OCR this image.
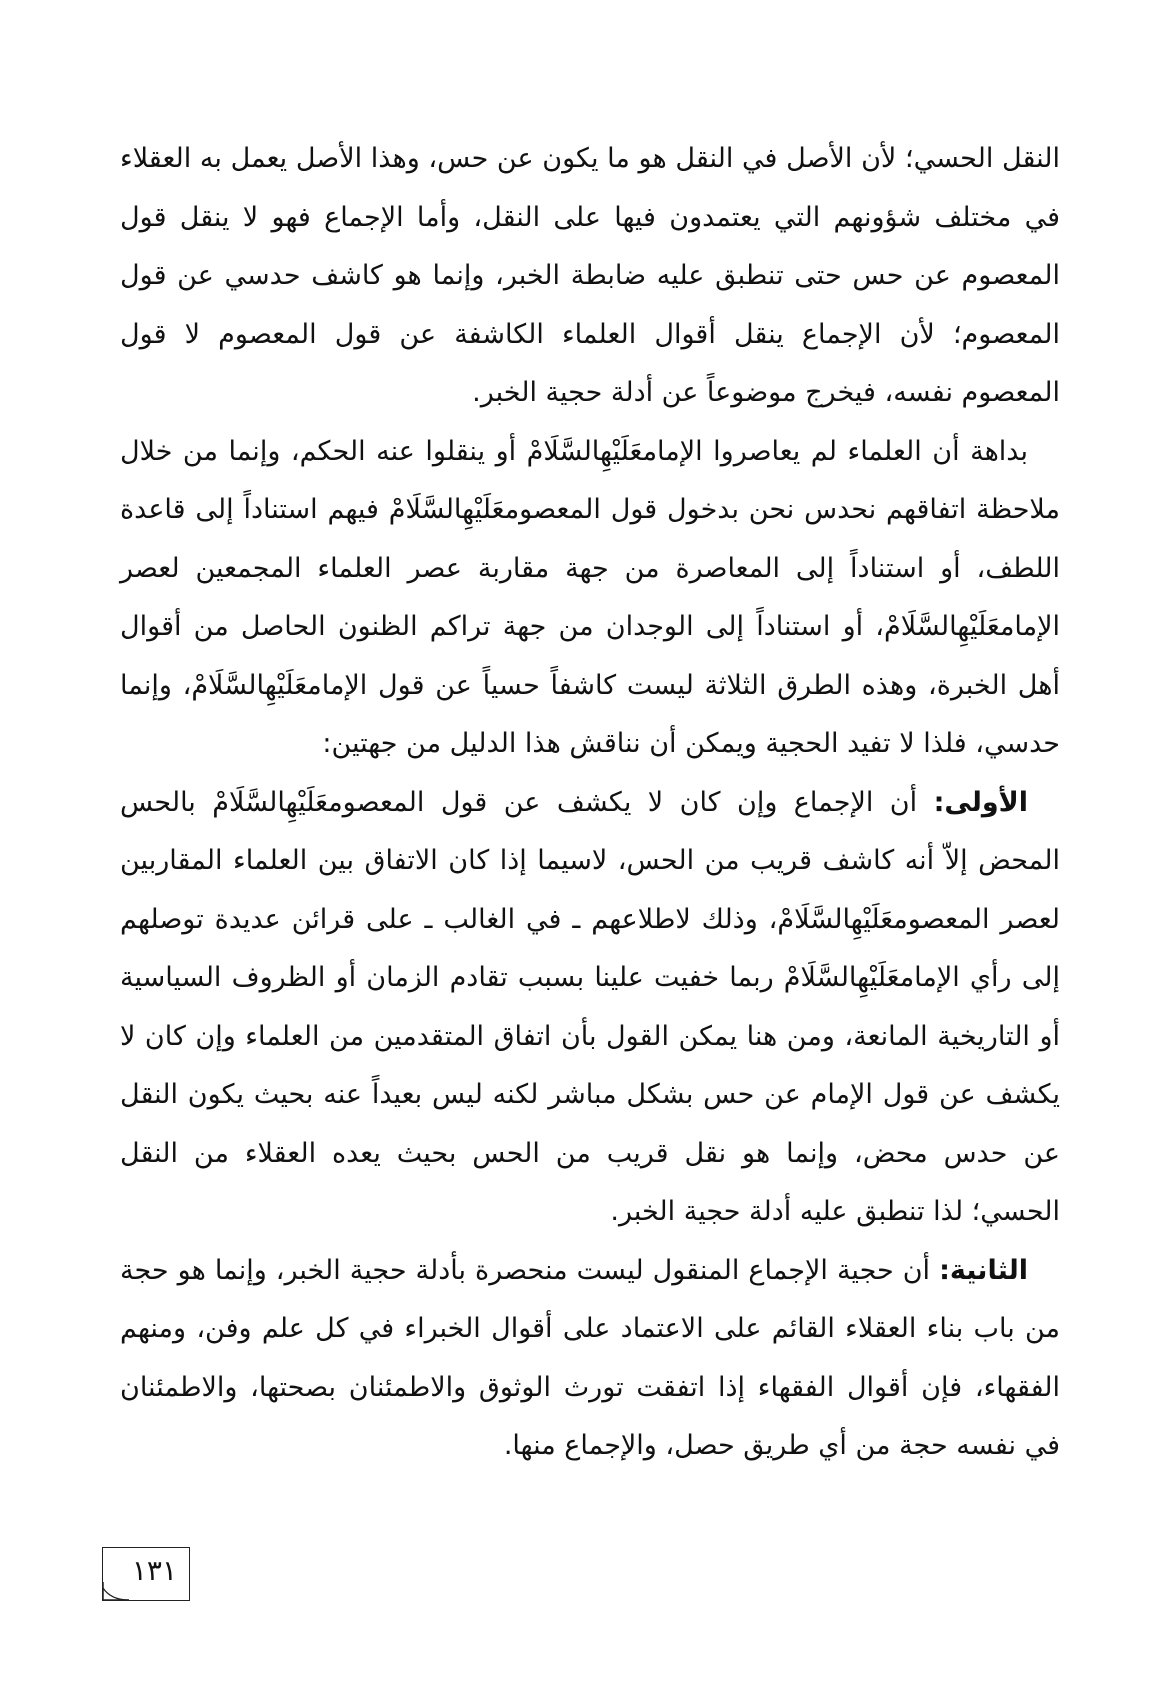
النقل الحسي؛ لأن الأصل في النقل هو ما يكون عن حس، وهذا الأصل يعمل به العقلاء في مختلف شؤونهم التي يعتمدون فيها على النقل، وأما الإجماع فهو لا ينقل قول المعصوم عن حس حتى تنطبق عليه ضابطة الخبر، وإنما هو كاشف حدسي عن قول المعصوم؛ لأن الإجماع ينقل أقوال العلماء الكاشفة عن قول المعصوم لا قول المعصوم نفسه، فيخرج موضوعاً عن أدلة حجية الخبر.

بداهة أن العلماء لم يعاصروا الإمامعَلَيْهِالسَّلَامْ أو ينقلوا عنه الحكم، وإنما من خلال ملاحظة اتفاقهم نحدس نحن بدخول قول المعصومعَلَيْهِالسَّلَامْ فيهم استناداً إلى قاعدة اللطف، أو استناداً إلى المعاصرة من جهة مقاربة عصر العلماء المجمعين لعصر الإمامعَلَيْهِالسَّلَامْ، أو استناداً إلى الوجدان من جهة تراكم الظنون الحاصل من أقوال أهل الخبرة، وهذه الطرق الثلاثة ليست كاشفاً حسياً عن قول الإمامعَلَيْهِالسَّلَامْ، وإنما حدسي، فلذا لا تفيد الحجية ويمكن أن نناقش هذا الدليل من جهتين:

الأولى: أن الإجماع وإن كان لا يكشف عن قول المعصومعَلَيْهِالسَّلَامْ بالحس المحض إلاّ أنه كاشف قريب من الحس، لاسيما إذا كان الاتفاق بين العلماء المقاربين لعصر المعصومعَلَيْهِالسَّلَامْ، وذلك لاطلاعهم ـ في الغالب ـ على قرائن عديدة توصلهم إلى رأي الإمامعَلَيْهِالسَّلَامْ ربما خفيت علينا بسبب تقادم الزمان أو الظروف السياسية أو التاريخية المانعة، ومن هنا يمكن القول بأن اتفاق المتقدمين من العلماء وإن كان لا يكشف عن قول الإمام عن حس بشكل مباشر لكنه ليس بعيداً عنه بحيث يكون النقل عن حدس محض، وإنما هو نقل قريب من الحس بحيث يعده العقلاء من النقل الحسي؛ لذا تنطبق عليه أدلة حجية الخبر.

الثانية: أن حجية الإجماع المنقول ليست منحصرة بأدلة حجية الخبر، وإنما هو حجة من باب بناء العقلاء القائم على الاعتماد على أقوال الخبراء في كل علم وفن، ومنهم الفقهاء، فإن أقوال الفقهاء إذا اتفقت تورث الوثوق والاطمئنان بصحتها، والاطمئنان في نفسه حجة من أي طريق حصل، والإجماع منها.

١٣١
